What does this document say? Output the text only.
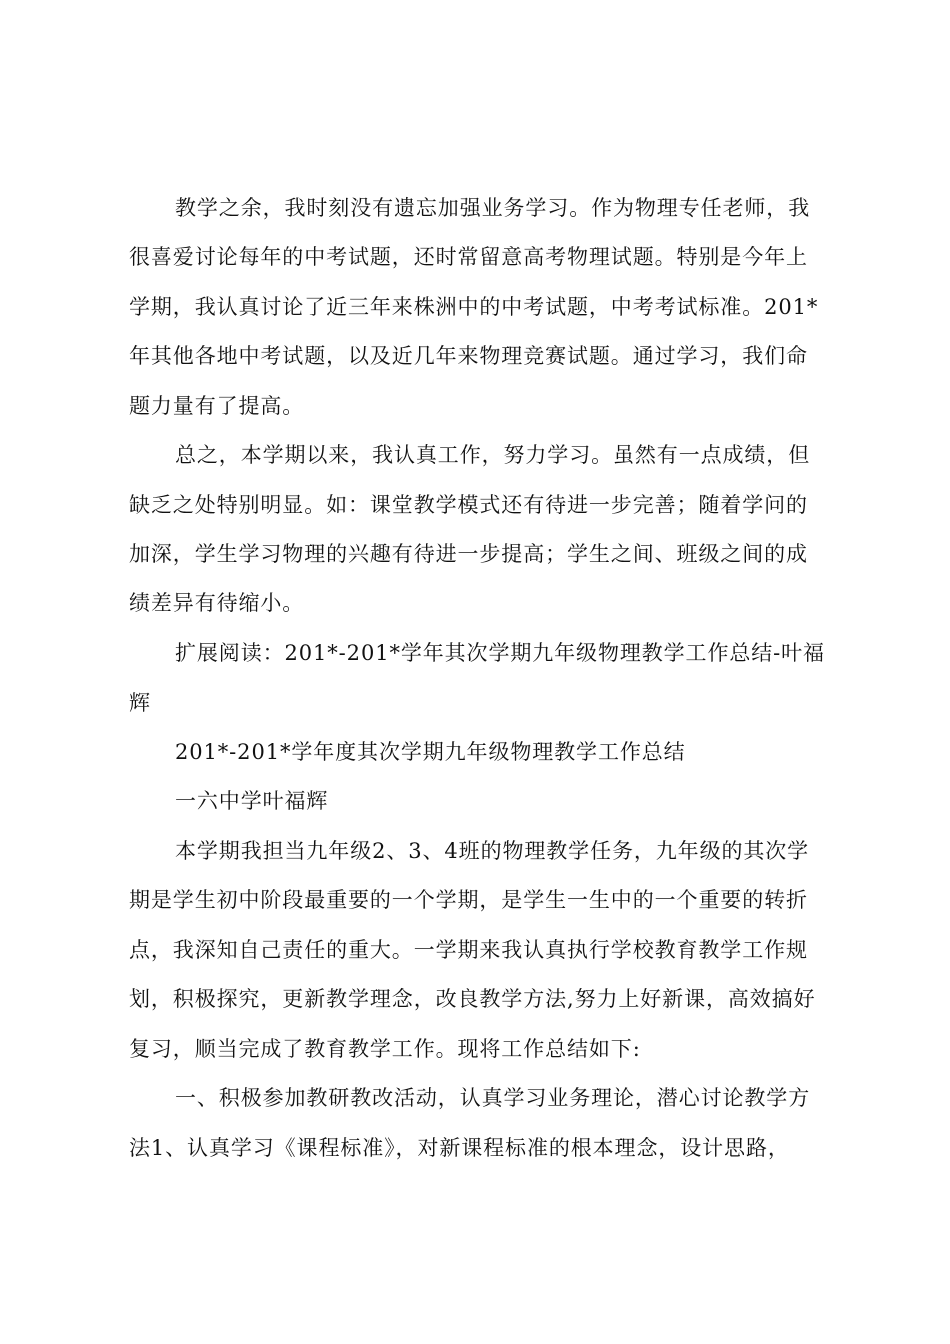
教学之余，我时刻没有遗忘加强业务学习。作为物理专任老师，我
很喜爱讨论每年的中考试题，还时常留意高考物理试题。特别是今年上
学期，我认真讨论了近三年来株洲中的中考试题，中考考试标准。201*
年其他各地中考试题，以及近几年来物理竞赛试题。通过学习，我们命
题力量有了提高。
总之，本学期以来，我认真工作，努力学习。虽然有一点成绩，但
缺乏之处特别明显。如：课堂教学模式还有待进一步完善；随着学问的
加深，学生学习物理的兴趣有待进一步提高；学生之间、班级之间的成
绩差异有待缩小。
扩展阅读：201*-201*学年其次学期九年级物理教学工作总结-叶福
辉
201*-201*学年度其次学期九年级物理教学工作总结
一六中学叶福辉
本学期我担当九年级2、3、4班的物理教学任务，九年级的其次学
期是学生初中阶段最重要的一个学期，是学生一生中的一个重要的转折
点，我深知自己责任的重大。一学期来我认真执行学校教育教学工作规
划，积极探究，更新教学理念，改良教学方法,努力上好新课，高效搞好
复习，顺当完成了教育教学工作。现将工作总结如下:
一、积极参加教研教改活动，认真学习业务理论，潜心讨论教学方
法1、认真学习《课程标准》，对新课程标准的根本理念，设计思路，
